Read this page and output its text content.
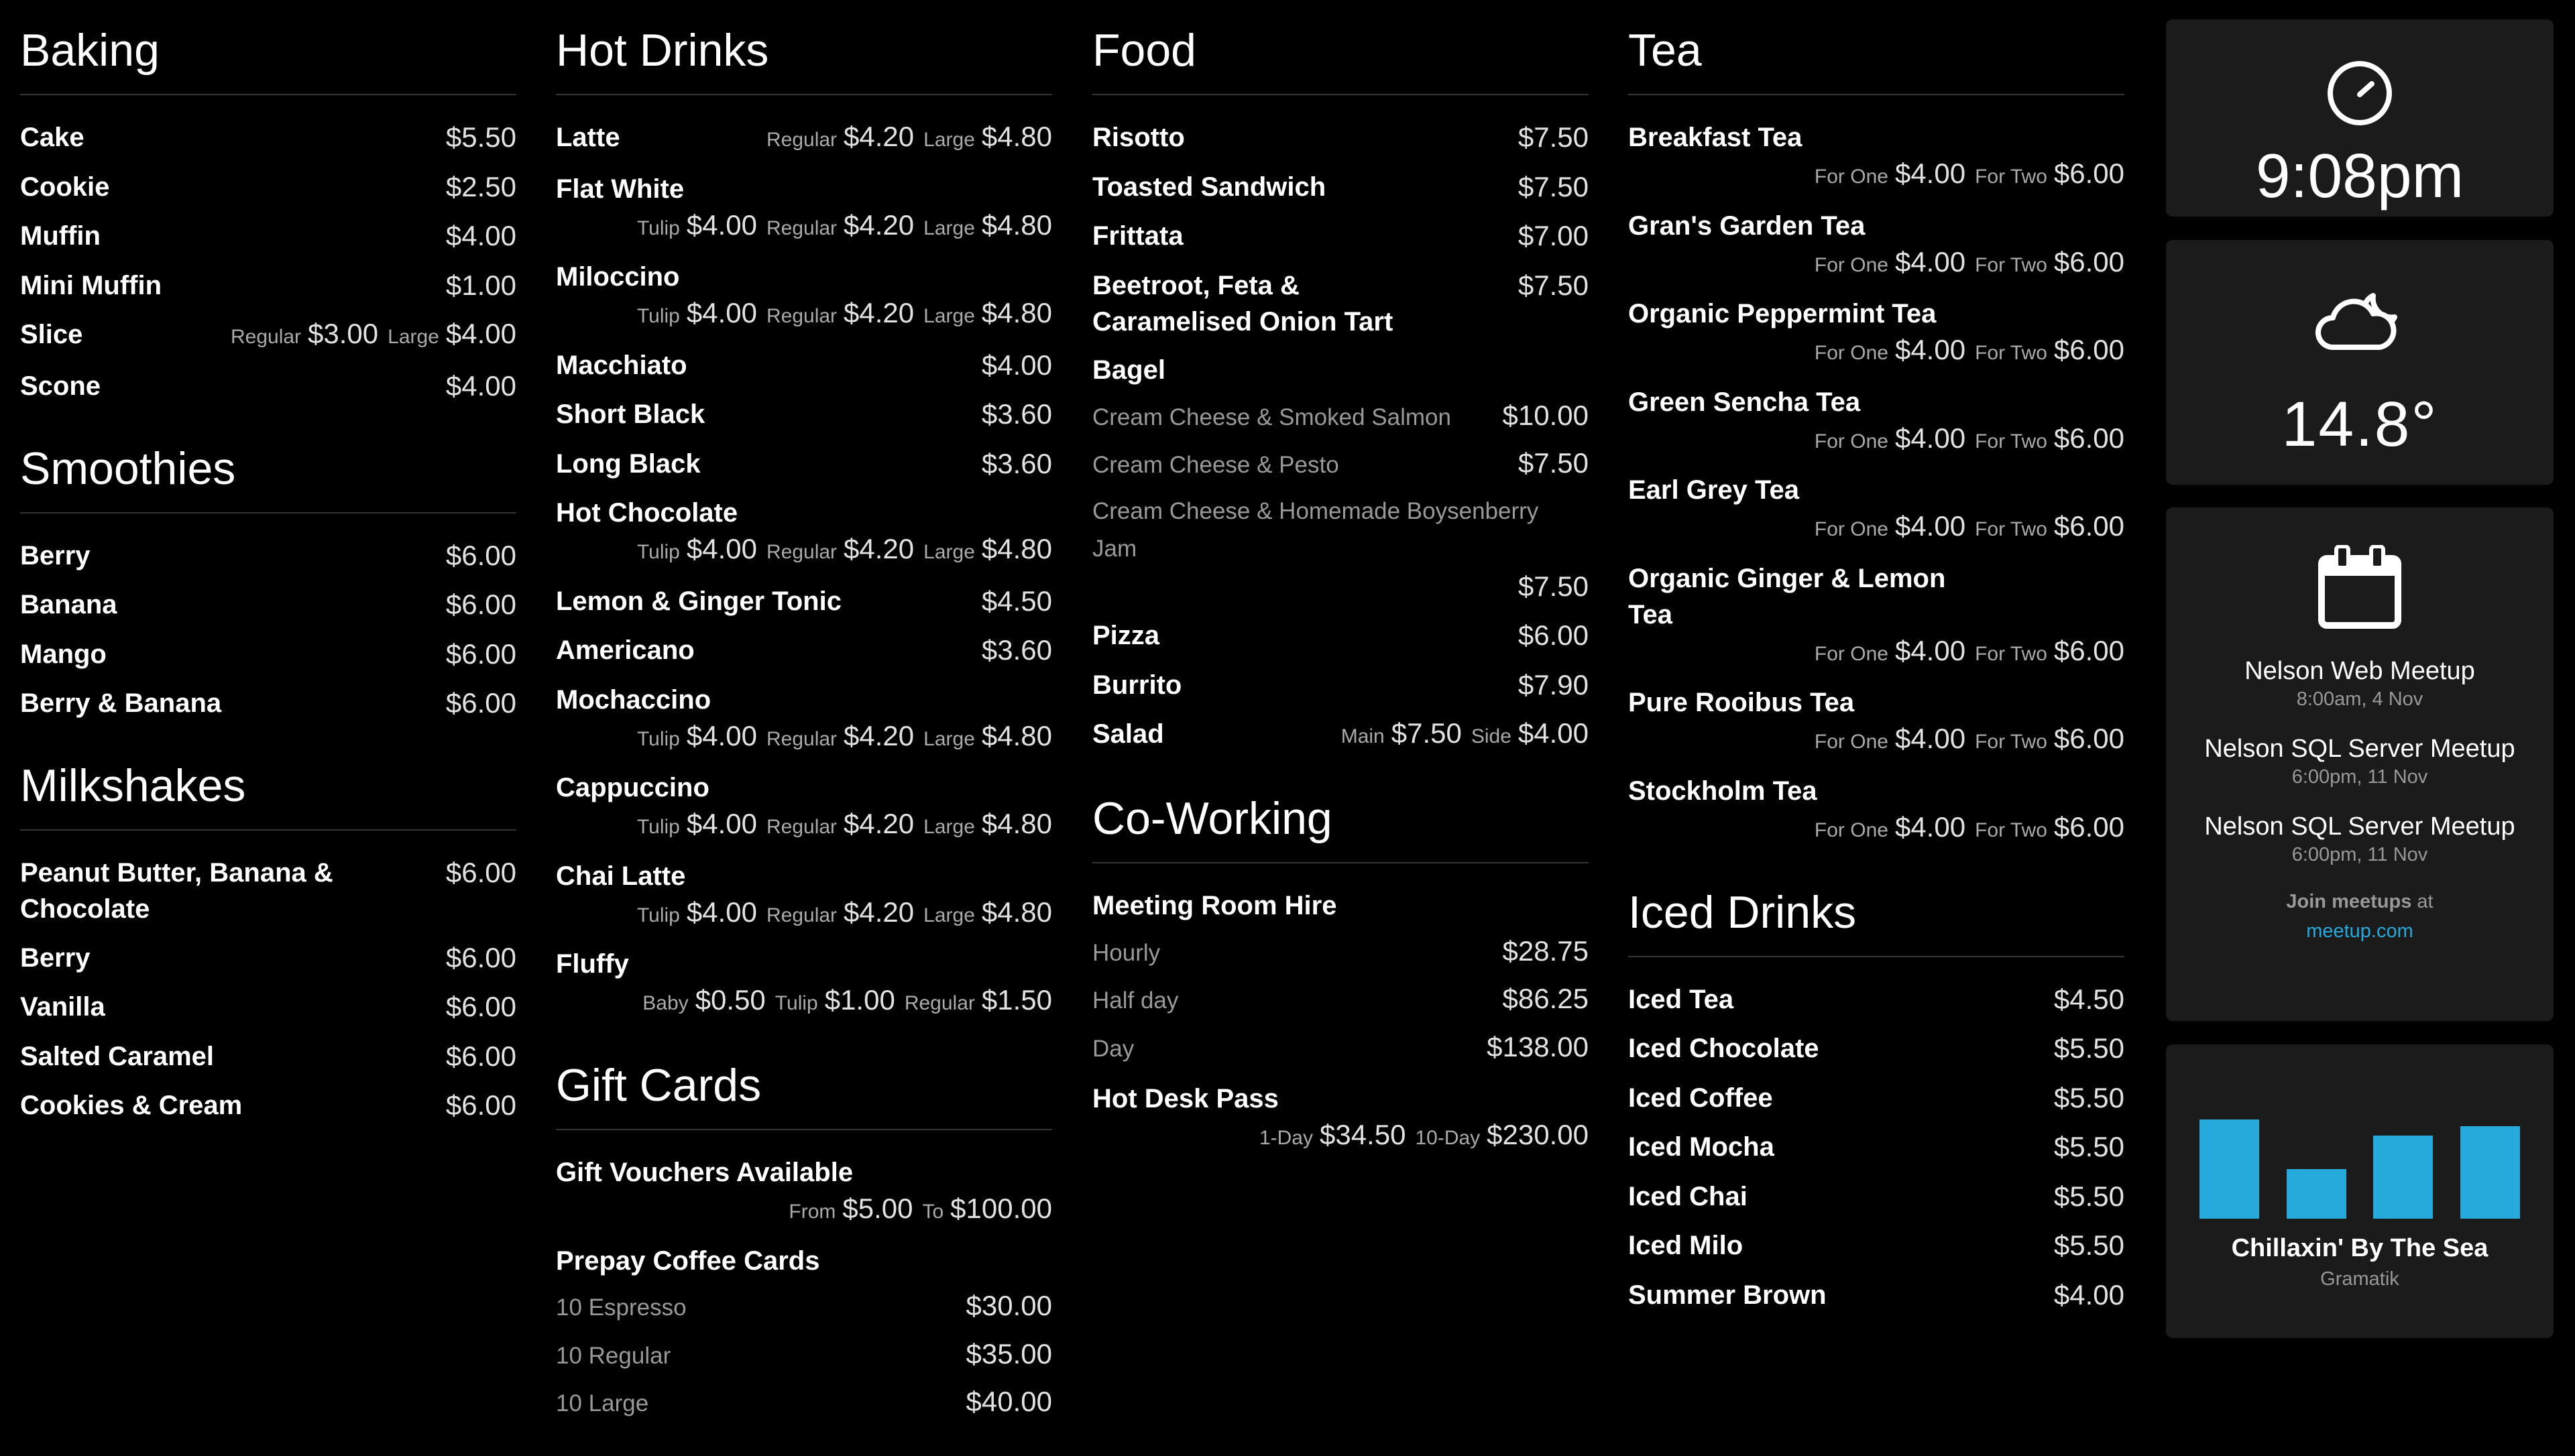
Baking
Cake	$5.50
Cookie	$2.50
Muffin	$4.00
Mini Muffin	$1.00
Slice	Regular $3.00 Large $4.00
Scone	$4.00
Smoothies
Berry	$6.00
Banana	$6.00
Mango	$6.00
Berry & Banana	$6.00
Milkshakes
Peanut Butter, Banana & Chocolate
$6.00
Berry	$6.00
Vanilla	$6.00
Salted Caramel	$6.00
Cookies & Cream	$6.00
Hot Drinks
Latte	Regular $4.20 Large $4.80
Flat White
Tulip $4.00 Regular $4.20 Large $4.80
Miloccino
Tulip $4.00 Regular $4.20 Large $4.80
Macchiato	$4.00
Short Black	$3.60
Long Black	$3.60
Hot Chocolate
Tulip $4.00 Regular $4.20 Large $4.80
Lemon & Ginger Tonic	$4.50
Americano	$3.60
Mochaccino
Tulip $4.00 Regular $4.20 Large $4.80
Cappuccino
Tulip $4.00 Regular $4.20 Large $4.80
Chai Latte
Tulip $4.00 Regular $4.20 Large $4.80
Fluffy
Baby $0.50 Tulip $1.00 Regular $1.50
Gift Cards
Gift Vouchers Available
From $5.00 To $100.00
Prepay Coffee Cards
10 Espresso	$30.00
10 Regular	$35.00
10 Large	$40.00
Food
Risotto	$7.50
Toasted Sandwich	$7.50
Frittata	$7.00
Beetroot, Feta & Caramelised Onion Tart
$7.50
Bagel
Cream Cheese & Smoked Salmon $10.00
Cream Cheese & Pesto	$7.50
Cream Cheese & Homemade Boysenberry Jam
$7.50
Pizza	$6.00
Burrito	$7.90
Salad	Main $7.50 Side $4.00
Co-Working
Meeting Room Hire
Hourly	$28.75
Half day	$86.25
Day	$138.00
Hot Desk Pass
1-Day $34.50 10-Day $230.00
Tea
Breakfast Tea
For One $4.00 For Two $6.00
Gran's Garden Tea
For One $4.00 For Two $6.00
Organic Peppermint Tea
For One $4.00 For Two $6.00
Green Sencha Tea
For One $4.00 For Two $6.00
Earl Grey Tea
For One $4.00 For Two $6.00
Organic Ginger & Lemon Tea
For One $4.00 For Two $6.00
Pure Rooibus Tea
For One $4.00 For Two $6.00
Stockholm Tea
For One $4.00 For Two $6.00
Iced Drinks
Iced Tea	$4.50
Iced Chocolate	$5.50
Iced Coffee	$5.50
Iced Mocha	$5.50
Iced Chai	$5.50
Iced Milo	$5.50
Summer Brown	$4.00
9:08pm
14.8°
Nelson Web Meetup
8:00am, 4 Nov
Nelson SQL Server Meetup
6:00pm, 11 Nov
Nelson SQL Server Meetup
6:00pm, 11 Nov
Join meetups at
meetup.com
Chillaxin' By The Sea
Gramatik
